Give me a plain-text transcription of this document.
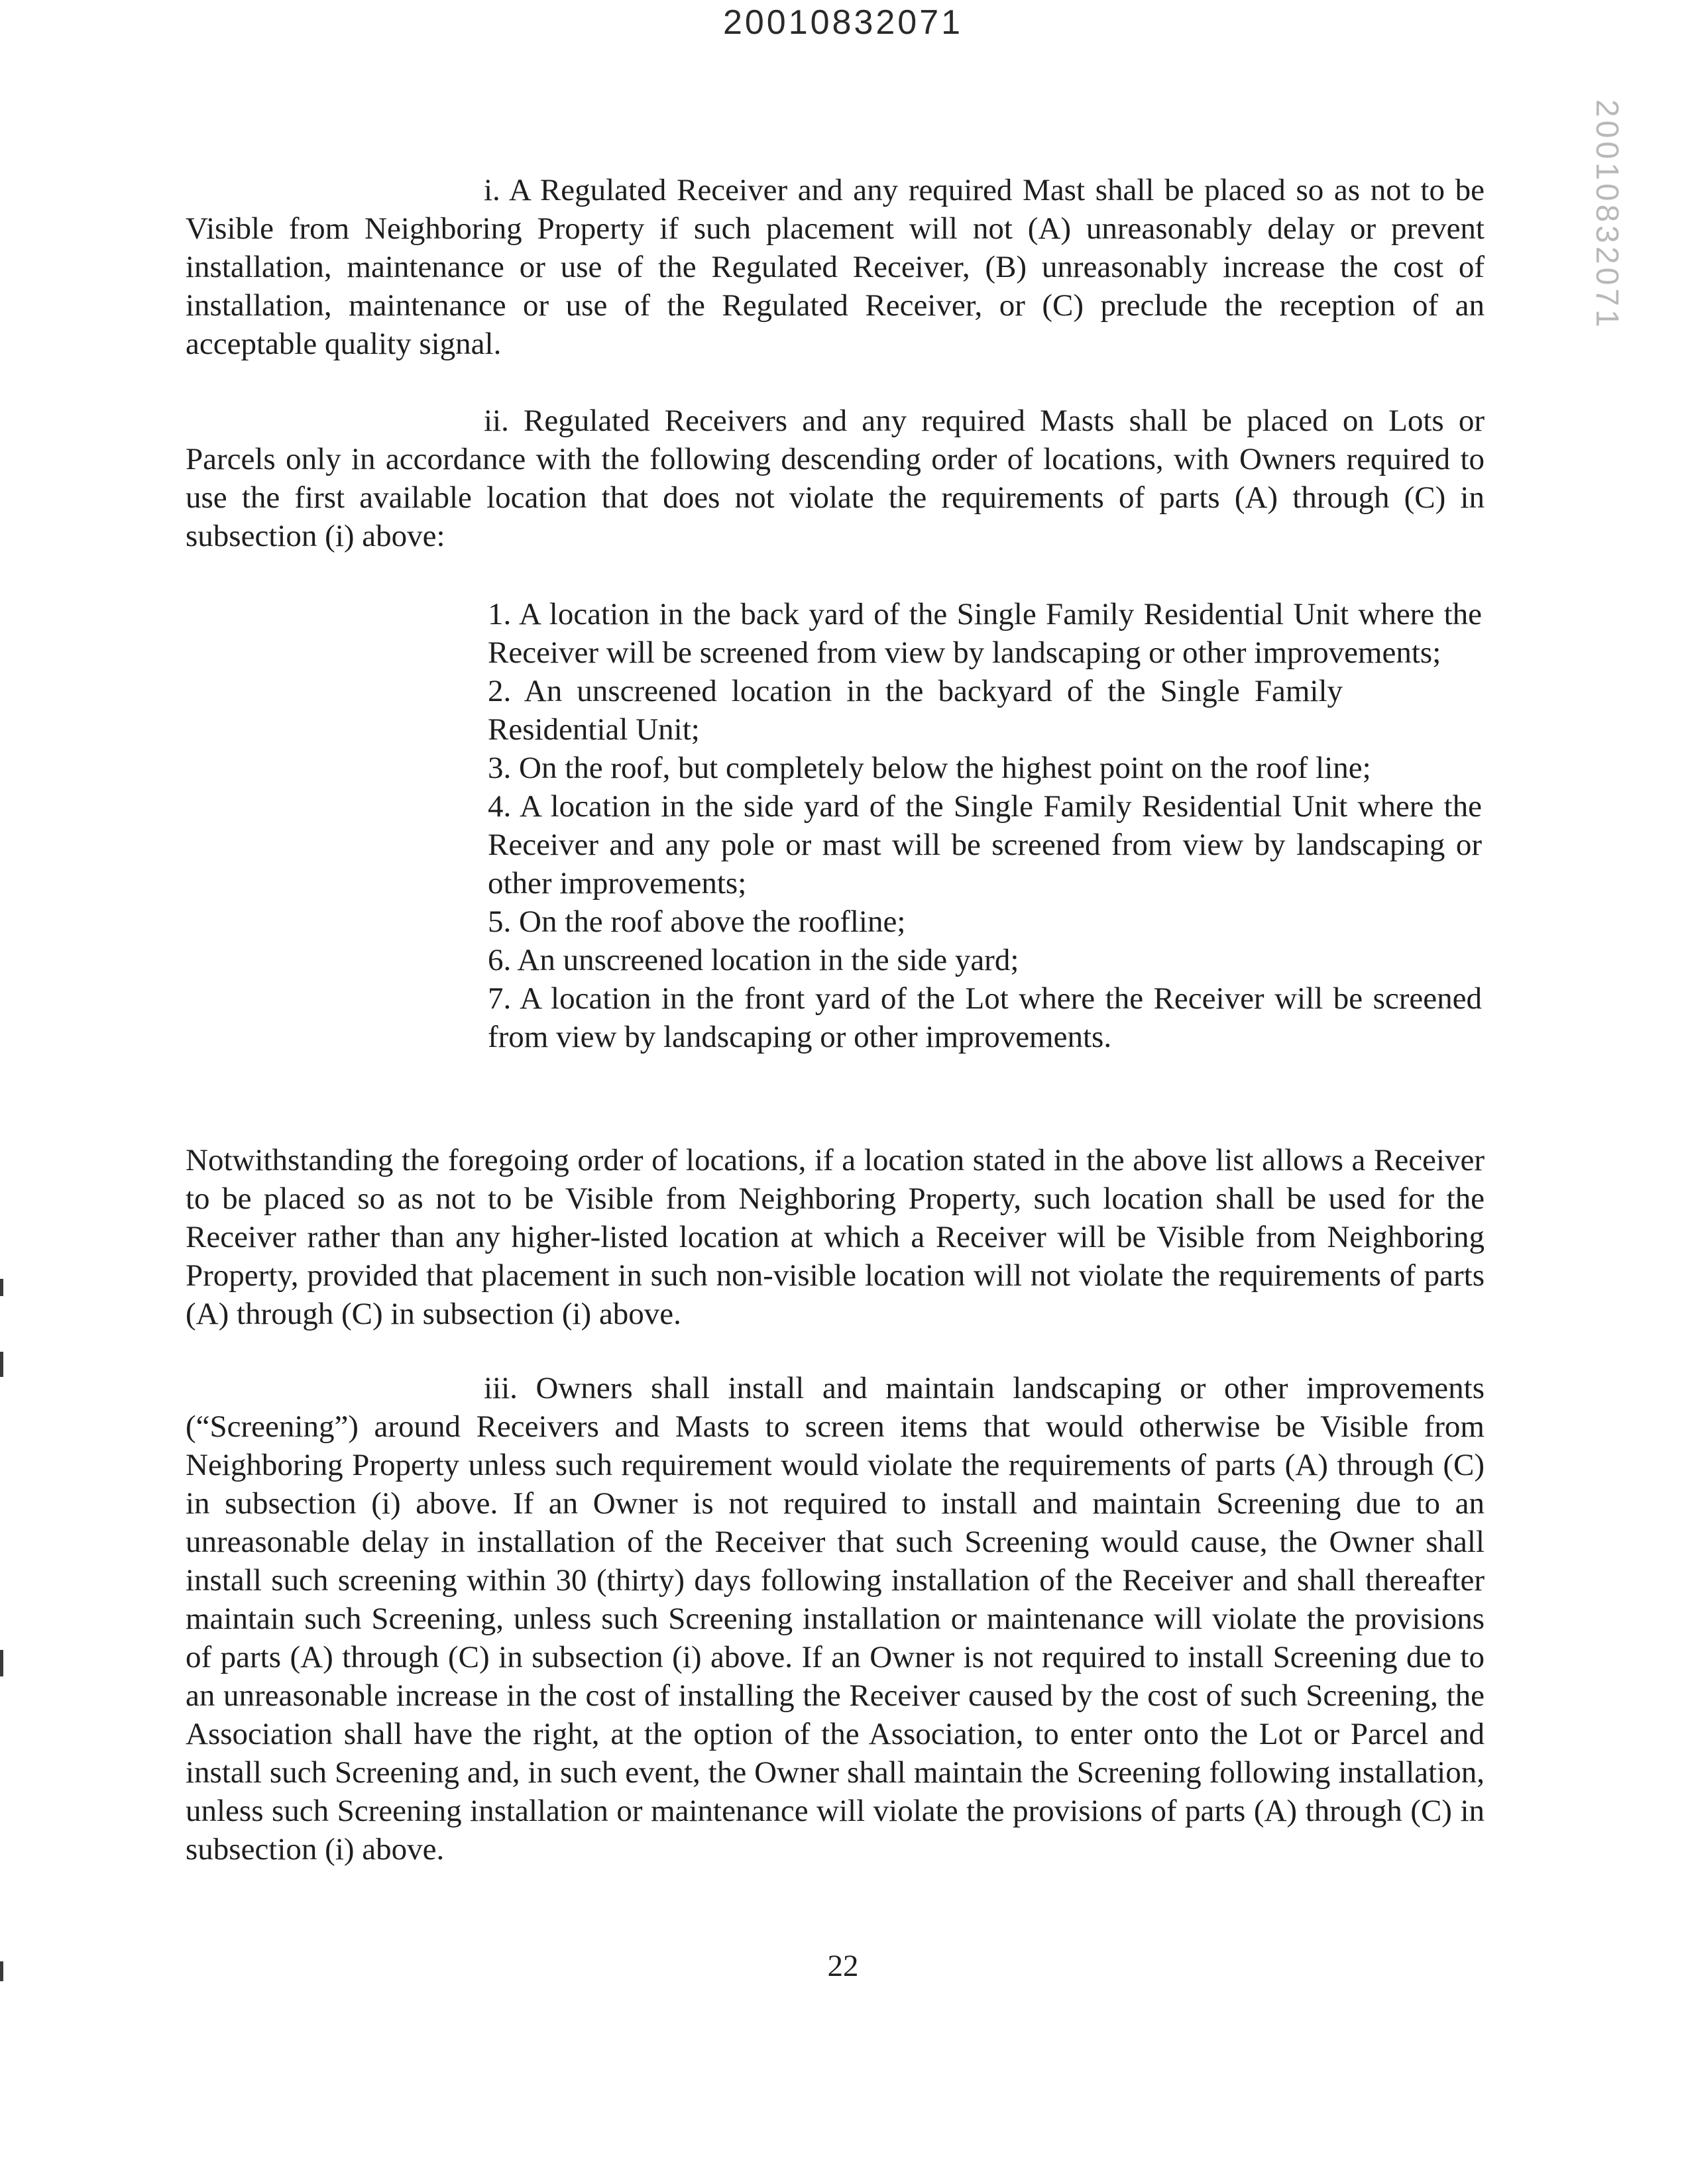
20010832071
20010832071

i. A Regulated Receiver and any required Mast shall be placed so as not to be Visible from Neighboring Property if such placement will not (A) unreasonably delay or prevent installation, maintenance or use of the Regulated Receiver, (B) unreasonably increase the cost of installation, maintenance or use of the Regulated Receiver, or (C) preclude the reception of an acceptable quality signal.

ii. Regulated Receivers and any required Masts shall be placed on Lots or Parcels only in accordance with the following descending order of locations, with Owners required to use the first available location that does not violate the requirements of parts (A) through (C) in subsection (i) above:

1. A location in the back yard of the Single Family Residential Unit where the Receiver will be screened from view by landscaping or other improvements;

2. An unscreened location in the backyard of the Single Family Residential Unit;

3. On the roof, but completely below the highest point on the roof line;

4. A location in the side yard of the Single Family Residential Unit where the Receiver and any pole or mast will be screened from view by landscaping or other improvements;

5. On the roof above the roofline;

6. An unscreened location in the side yard;

7. A location in the front yard of the Lot where the Receiver will be screened from view by landscaping or other improvements.

Notwithstanding the foregoing order of locations, if a location stated in the above list allows a Receiver to be placed so as not to be Visible from Neighboring Property, such location shall be used for the Receiver rather than any higher-listed location at which a Receiver will be Visible from Neighboring Property, provided that placement in such non-visible location will not violate the requirements of parts (A) through (C) in subsection (i) above.

iii. Owners shall install and maintain landscaping or other improvements (“Screening”) around Receivers and Masts to screen items that would otherwise be Visible from Neighboring Property unless such requirement would violate the requirements of parts (A) through (C) in subsection (i) above. If an Owner is not required to install and maintain Screening due to an unreasonable delay in installation of the Receiver that such Screening would cause, the Owner shall install such screening within 30 (thirty) days following installation of the Receiver and shall thereafter maintain such Screening, unless such Screening installation or maintenance will violate the provisions of parts (A) through (C) in subsection (i) above. If an Owner is not required to install Screening due to an unreasonable increase in the cost of installing the Receiver caused by the cost of such Screening, the Association shall have the right, at the option of the Association, to enter onto the Lot or Parcel and install such Screening and, in such event, the Owner shall maintain the Screening following installation, unless such Screening installation or maintenance will violate the provisions of parts (A) through (C) in subsection (i) above.

22
